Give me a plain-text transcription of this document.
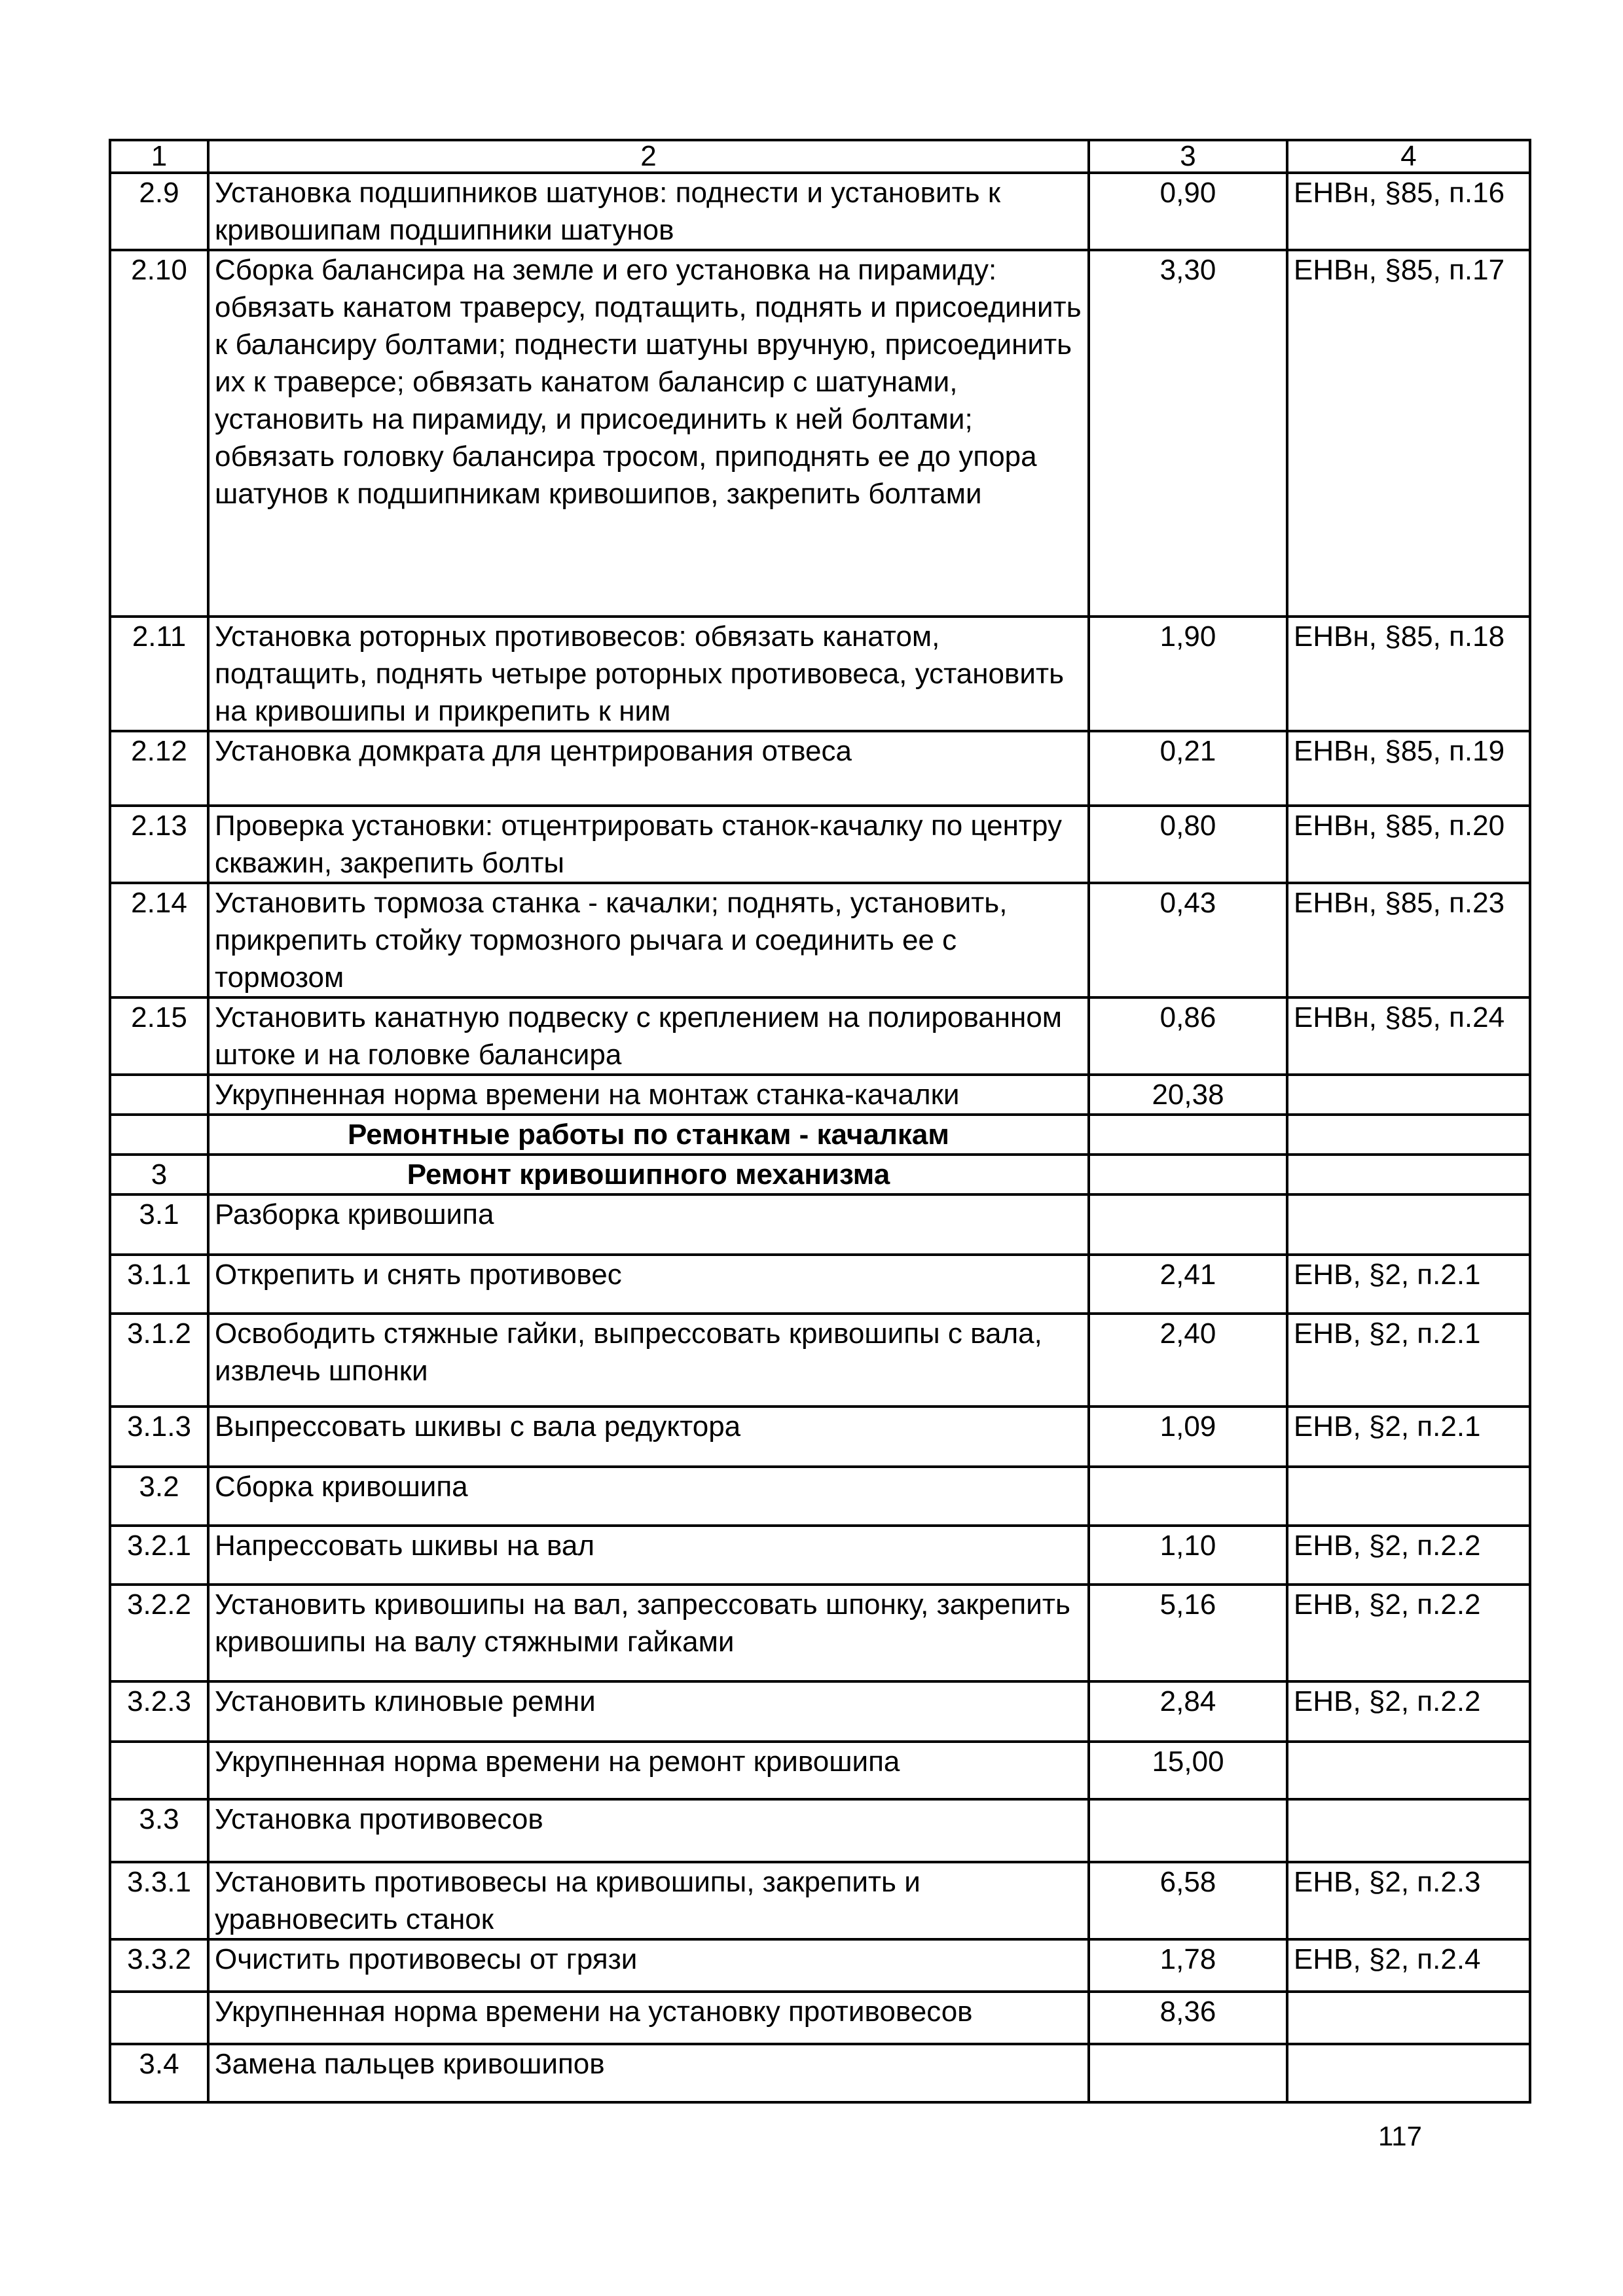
1	2	3	4
2.9	Установка подшипников шатунов: поднести и установить к кривошипам подшипники шатунов	0,90	ЕНВн, §85, п.16
2.10	Сборка балансира на земле и его установка на пирамиду: обвязать канатом траверсу, подтащить, поднять и присоединить к балансиру болтами; поднести шатуны вручную, присоединить их к траверсе; обвязать канатом балансир с шатунами, установить на пирамиду, и присоединить к ней болтами; обвязать головку балансира тросом, приподнять ее до упора шатунов к подшипникам кривошипов, закрепить болтами	3,30	ЕНВн, §85, п.17
2.11	Установка роторных противовесов: обвязать канатом, подтащить, поднять четыре роторных противовеса, установить на кривошипы и прикрепить к ним	1,90	ЕНВн, §85, п.18
2.12	Установка домкрата для центрирования отвеса	0,21	ЕНВн, §85, п.19
2.13	Проверка установки: отцентрировать станок-качалку по центру скважин, закрепить болты	0,80	ЕНВн, §85, п.20
2.14	Установить тормоза станка - качалки; поднять, установить, прикрепить стойку тормозного рычага и соединить ее с тормозом	0,43	ЕНВн, §85, п.23
2.15	Установить канатную подвеску с креплением на полированном штоке и на головке балансира	0,86	ЕНВн, §85, п.24
	Укрупненная норма времени на монтаж станка-качалки	20,38	
	Ремонтные работы по станкам - качалкам		
3	Ремонт кривошипного механизма		
3.1	Разборка кривошипа		
3.1.1	Открепить и снять противовес	2,41	ЕНВ, §2, п.2.1
3.1.2	Освободить стяжные гайки, выпрессовать кривошипы с вала, извлечь шпонки	2,40	ЕНВ, §2, п.2.1
3.1.3	Выпрессовать шкивы с вала редуктора	1,09	ЕНВ, §2, п.2.1
3.2	Сборка кривошипа		
3.2.1	Напрессовать шкивы на вал	1,10	ЕНВ, §2, п.2.2
3.2.2	Установить кривошипы на вал, запрессовать шпонку, закрепить кривошипы на валу стяжными гайками	5,16	ЕНВ, §2, п.2.2
3.2.3	Установить клиновые ремни	2,84	ЕНВ, §2, п.2.2
	Укрупненная норма времени на ремонт кривошипа	15,00	
3.3	Установка противовесов		
3.3.1	Установить противовесы на кривошипы, закрепить и уравновесить станок	6,58	ЕНВ, §2, п.2.3
3.3.2	Очистить противовесы от грязи	1,78	ЕНВ, §2, п.2.4
	Укрупненная норма времени на установку противовесов	8,36	
3.4	Замена пальцев кривошипов		
117
